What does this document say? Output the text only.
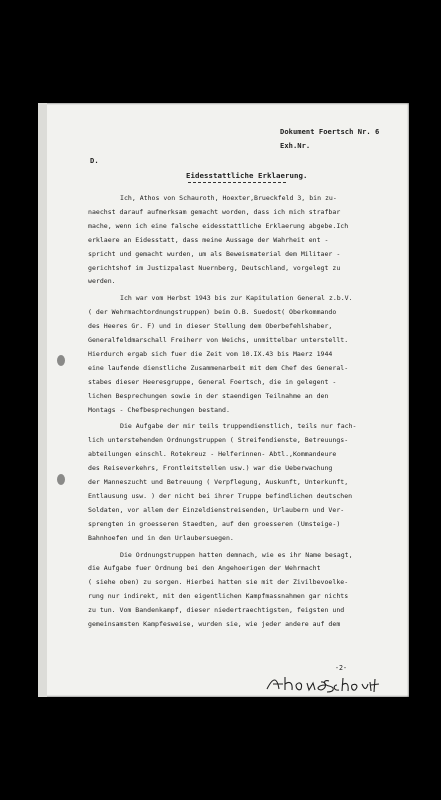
Dokument Foertsch Nr. 6
Exh.Nr.
D.
Eidesstattliche Erklaerung.
Ich, Athos von Schauroth, Hoexter,Brueckfeld 3, bin zu-
naechst darauf aufmerksam gemacht worden, dass ich mich strafbar
mache, wenn ich eine falsche eidesstattliche Erklaerung abgebe.Ich
erklaere an Eidesstatt, dass meine Aussage der Wahrheit ent -
spricht und gemacht wurden, um als Beweismaterial dem Militaer -
gerichtshof im Justizpalast Nuernberg, Deutschland, vorgelegt zu
werden.
Ich war vom Herbst 1943 bis zur Kapitulation General z.b.V.
( der Wehrmachtordnungstruppen) beim O.B. Suedost( Oberkommando
des Heeres Gr. F) und in dieser Stellung dem Oberbefehlshaber,
Generalfeldmarschall Freiherr von Weichs, unmittelbar unterstellt.
Hierdurch ergab sich fuer die Zeit vom 10.IX.43 bis Maerz 1944
eine laufende dienstliche Zusammenarbeit mit dem Chef des General-
stabes dieser Heeresgruppe, General Foertsch, die in gelegent -
lichen Besprechungen sowie in der staendigen Teilnahme an den
Montags - Chefbesprechungen bestand.
Die Aufgabe der mir teils truppendienstlich, teils nur fach-
lich unterstehenden Ordnungstruppen ( Streifendienste, Betreuungs-
abteilungen einschl. Rotekreuz - Helferinnen- Abtl.,Kommandeure
des Reiseverkehrs, Frontleitstellen usw.) war die Ueberwachung
der Manneszucht und Betreuung ( Verpflegung, Auskunft, Unterkunft,
Entlausung usw. ) der nicht bei ihrer Truppe befindlichen deutschen
Soldaten, vor allem der Einzeldienstreisenden, Urlaubern und Ver-
sprengten in groesseren Staedten, auf den groesseren (Umsteige-)
Bahnhoefen und in den Urlaubersuegen.
Die Ordnungstruppen hatten demnach, wie es ihr Name besagt,
die Aufgabe fuer Ordnung bei den Angehoerigen der Wehrmacht
( siehe oben) zu sorgen. Hierbei hatten sie mit der Zivilbevoelke-
rung nur indirekt, mit den eigentlichen Kampfmassnahmen gar nichts
zu tun. Vom Bandenkampf, dieser niedertraechtigsten, feigsten und
gemeinsamsten Kampfesweise, wurden sie, wie jeder andere auf dem
-2-
